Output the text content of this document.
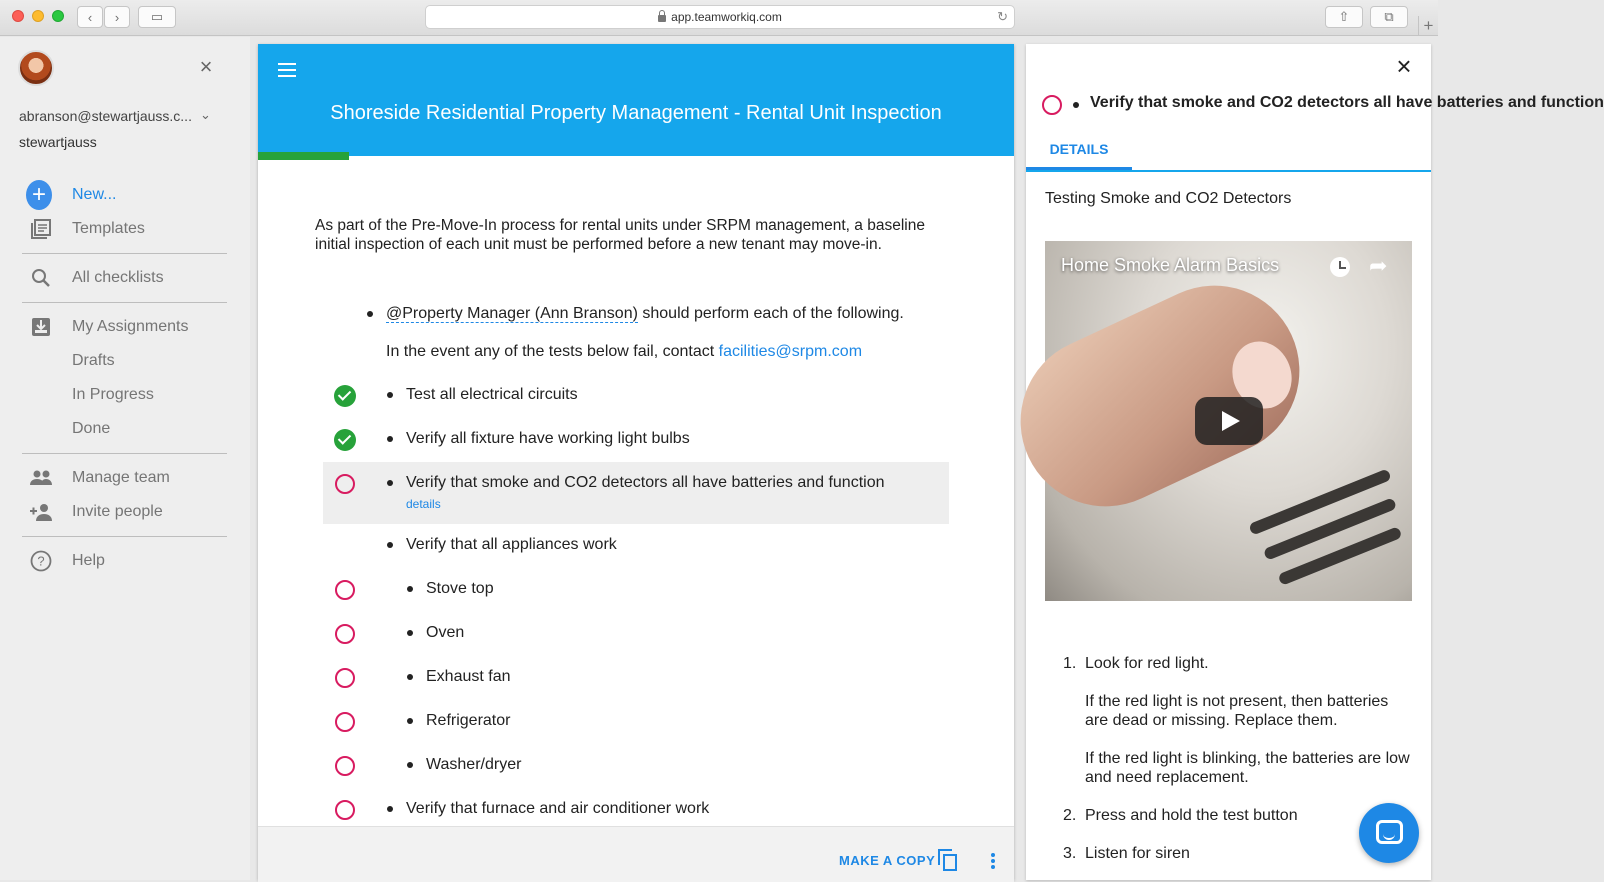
‹ › ▭	app.teamworkiq.com	↻	⇧	⧉ +
×
abranson@stewartjauss.c... ⌄
stewartjauss
+	New...
Templates
All checklists
My Assignments
Drafts
In Progress
Done
Manage team
Invite people
? Help
Shoreside Residential Property Management - Rental Unit Inspection
As part of the Pre-Move-In process for rental units under SRPM management, a baseline initial inspection of each unit must be performed before a new tenant may move-in.
@Property Manager (Ann Branson) should perform each of the following.
In the event any of the tests below fail, contact facilities@srpm.com
Test all electrical circuits
Verify all fixture have working light bulbs
Verify that smoke and CO2 detectors all have batteries and function
details
Verify that all appliances work
Stove top
Oven
Exhaust fan
Refrigerator
Washer/dryer
Verify that furnace and air conditioner work
MAKE A COPY
×
Verify that smoke and CO2 detectors all have batteries and function
DETAILS
Testing Smoke and CO2 Detectors
Home Smoke Alarm Basics	➦
1. Look for red light.

If the red light is not present, then batteries are dead or missing. Replace them.

If the red light is blinking, the batteries are low and need replacement.

2. Press and hold the test button

3. Listen for siren
